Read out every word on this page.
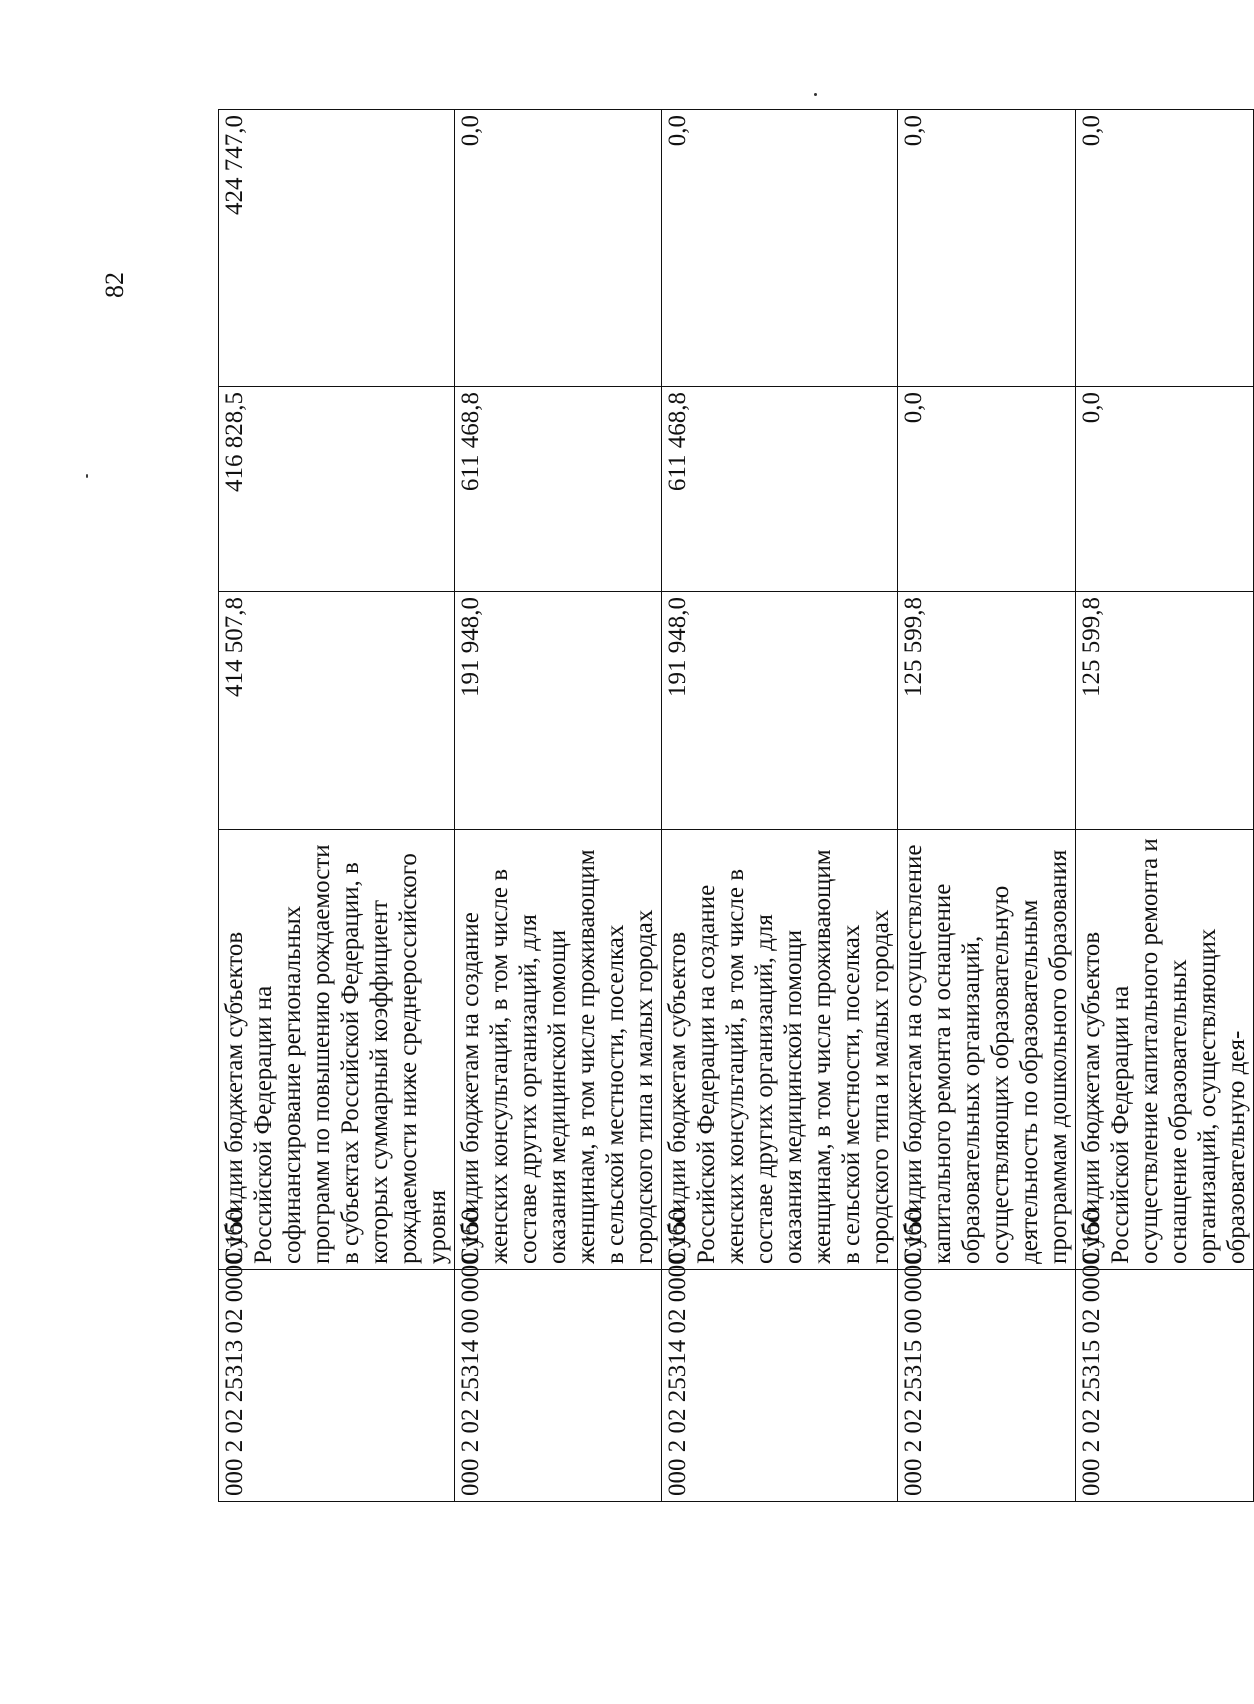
82
000 2 02 25313 02 0000 150	Субсидии бюджетам субъектов Российской Федерации на софинансирование региональных программ по повышению рождаемости в субъектах Российской Федерации, в которых суммарный коэффициент рождаемости ниже среднероссийского уровня	414 507,8	416 828,5	424 747,0
000 2 02 25314 00 0000 150	Субсидии бюджетам на создание женских консультаций, в том числе в составе других организаций, для оказания медицинской помощи женщинам, в том числе проживающим в сельской местности, поселках городского типа и малых городах	191 948,0	611 468,8	0,0
000 2 02 25314 02 0000 150	Субсидии бюджетам субъектов Российской Федерации на создание женских консультаций, в том числе в составе других организаций, для оказания медицинской помощи женщинам, в том числе проживающим в сельской местности, поселках городского типа и малых городах	191 948,0	611 468,8	0,0
000 2 02 25315 00 0000 150	Субсидии бюджетам на осуществление капитального ремонта и оснащение образовательных организаций, осуществляющих образовательную деятельность по образовательным программам дошкольного образования	125 599,8	0,0	0,0
000 2 02 25315 02 0000 150	Субсидии бюджетам субъектов Российской Федерации на осуществление капитального ремонта и оснащение образовательных организаций, осуществляющих образовательную дея-	125 599,8	0,0	0,0
